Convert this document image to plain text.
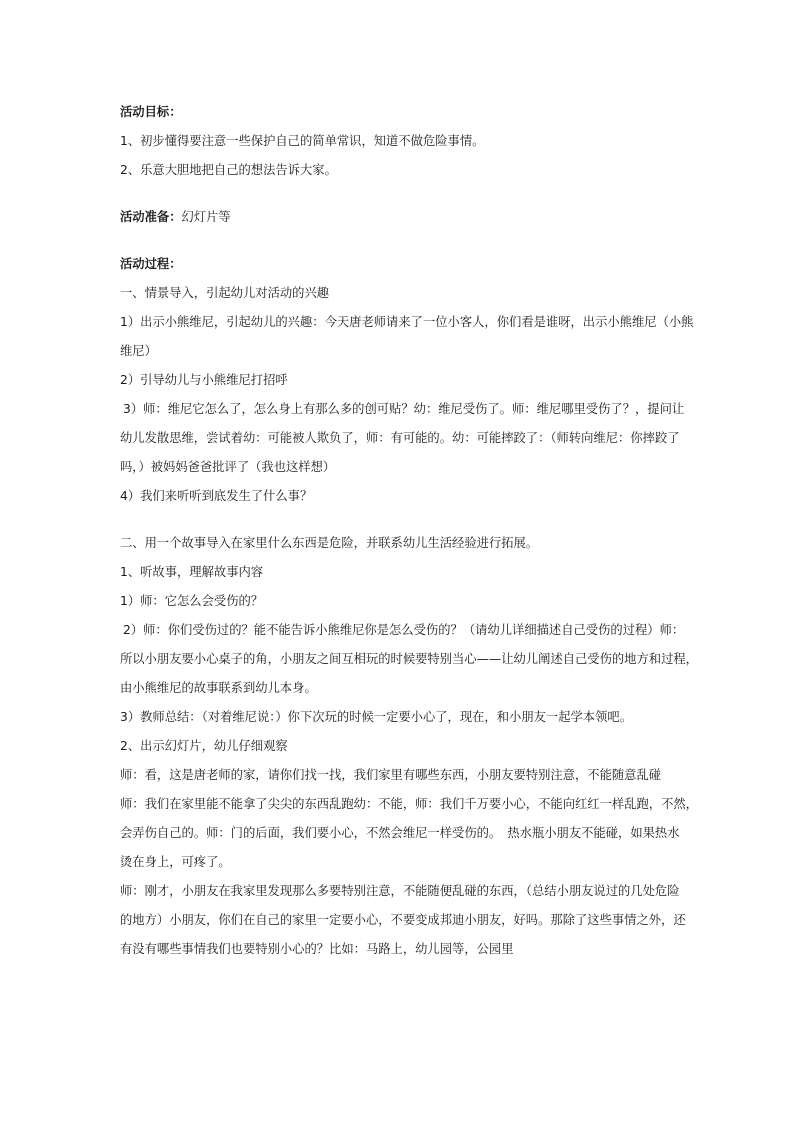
活动目标：
1、初步懂得要注意一些保护自己的简单常识，知道不做危险事情。
2、乐意大胆地把自己的想法告诉大家。
活动准备：幻灯片等
活动过程：
一、情景导入，引起幼儿对活动的兴趣
1）出示小熊维尼，引起幼儿的兴趣：今天唐老师请来了一位小客人，你们看是谁呀，出示小熊维尼（小熊
维尼）
2）引导幼儿与小熊维尼打招呼
3）师：维尼它怎么了，怎么身上有那么多的创可贴？幼：维尼受伤了。师：维尼哪里受伤了？，提问让
幼儿发散思维，尝试着幼：可能被人欺负了，师：有可能的。幼：可能摔跤了：（师转向维尼：你摔跤了
吗，）被妈妈爸爸批评了（我也这样想）
4）我们来听听到底发生了什么事？
二、用一个故事导入在家里什么东西是危险，并联系幼儿生活经验进行拓展。
1、听故事，理解故事内容
1）师：它怎么会受伤的？
2）师：你们受伤过的？能不能告诉小熊维尼你是怎么受伤的？（请幼儿详细描述自己受伤的过程）师：
所以小朋友要小心桌子的角，小朋友之间互相玩的时候要特别当心——让幼儿阐述自己受伤的地方和过程，
由小熊维尼的故事联系到幼儿本身。
3）教师总结：（对着维尼说：）你下次玩的时候一定要小心了，现在，和小朋友一起学本领吧。
2、出示幻灯片，幼儿仔细观察
师：看，这是唐老师的家，请你们找一找，我们家里有哪些东西，小朋友要特别注意，不能随意乱碰
师：我们在家里能不能拿了尖尖的东西乱跑幼：不能，师：我们千万要小心，不能向红红一样乱跑，不然，
会弄伤自己的。师：门的后面，我们要小心，不然会维尼一样受伤的。　热水瓶小朋友不能碰，如果热水
烫在身上，可疼了。
师：刚才，小朋友在我家里发现那么多要特别注意，不能随便乱碰的东西，（总结小朋友说过的几处危险
的地方）小朋友，你们在自己的家里一定要小心，不要变成邦迪小朋友，好吗。那除了这些事情之外，还
有没有哪些事情我们也要特别小心的？比如：马路上，幼儿园等，公园里
